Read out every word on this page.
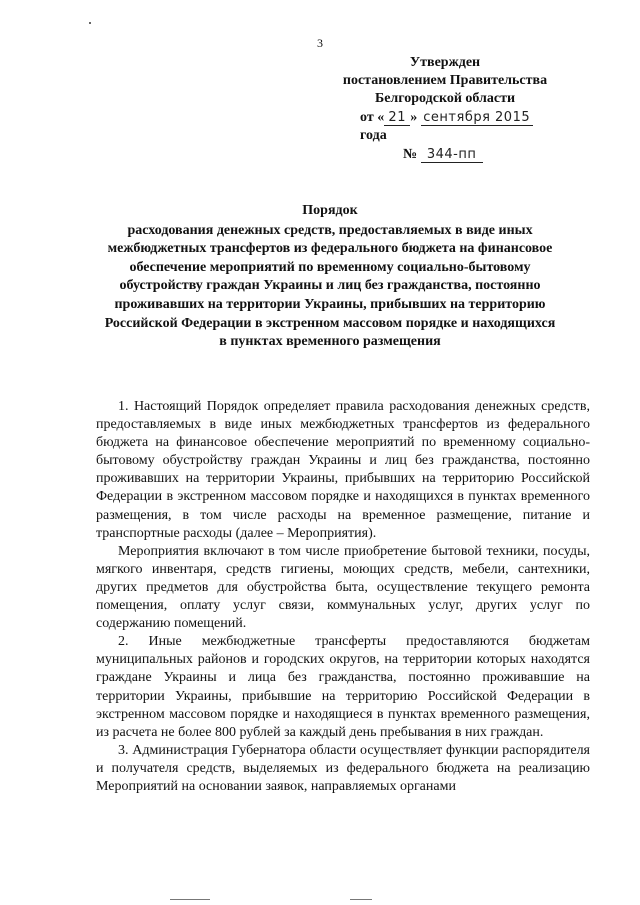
3
Утвержден
постановлением Правительства
Белгородской области
от « 21 » сентября 2015 года
№ 344-пп
Порядок
расходования денежных средств, предоставляемых в виде иных межбюджетных трансфертов из федерального бюджета на финансовое обеспечение мероприятий по временному социально-бытовому обустройству граждан Украины и лиц без гражданства, постоянно проживавших на территории Украины, прибывших на территорию Российской Федерации в экстренном массовом порядке и находящихся в пунктах временного размещения

1. Настоящий Порядок определяет правила расходования денежных средств, предоставляемых в виде иных межбюджетных трансфертов из федерального бюджета на финансовое обеспечение мероприятий по временному социально-бытовому обустройству граждан Украины и лиц без гражданства, постоянно проживавших на территории Украины, прибывших на территорию Российской Федерации в экстренном массовом порядке и находящихся в пунктах временного размещения, в том числе расходы на временное размещение, питание и транспортные расходы (далее – Мероприятия).

Мероприятия включают в том числе приобретение бытовой техники, посуды, мягкого инвентаря, средств гигиены, моющих средств, мебели, сантехники, других предметов для обустройства быта, осуществление текущего ремонта помещения, оплату услуг связи, коммунальных услуг, других услуг по содержанию помещений.

2. Иные межбюджетные трансферты предоставляются бюджетам муниципальных районов и городских округов, на территории которых находятся граждане Украины и лица без гражданства, постоянно проживавшие на территории Украины, прибывшие на территорию Российской Федерации в экстренном массовом порядке и находящиеся в пунктах временного размещения, из расчета не более 800 рублей за каждый день пребывания в них граждан.

3. Администрация Губернатора области осуществляет функции распорядителя и получателя средств, выделяемых из федерального бюджета на реализацию Мероприятий на основании заявок, направляемых органами
